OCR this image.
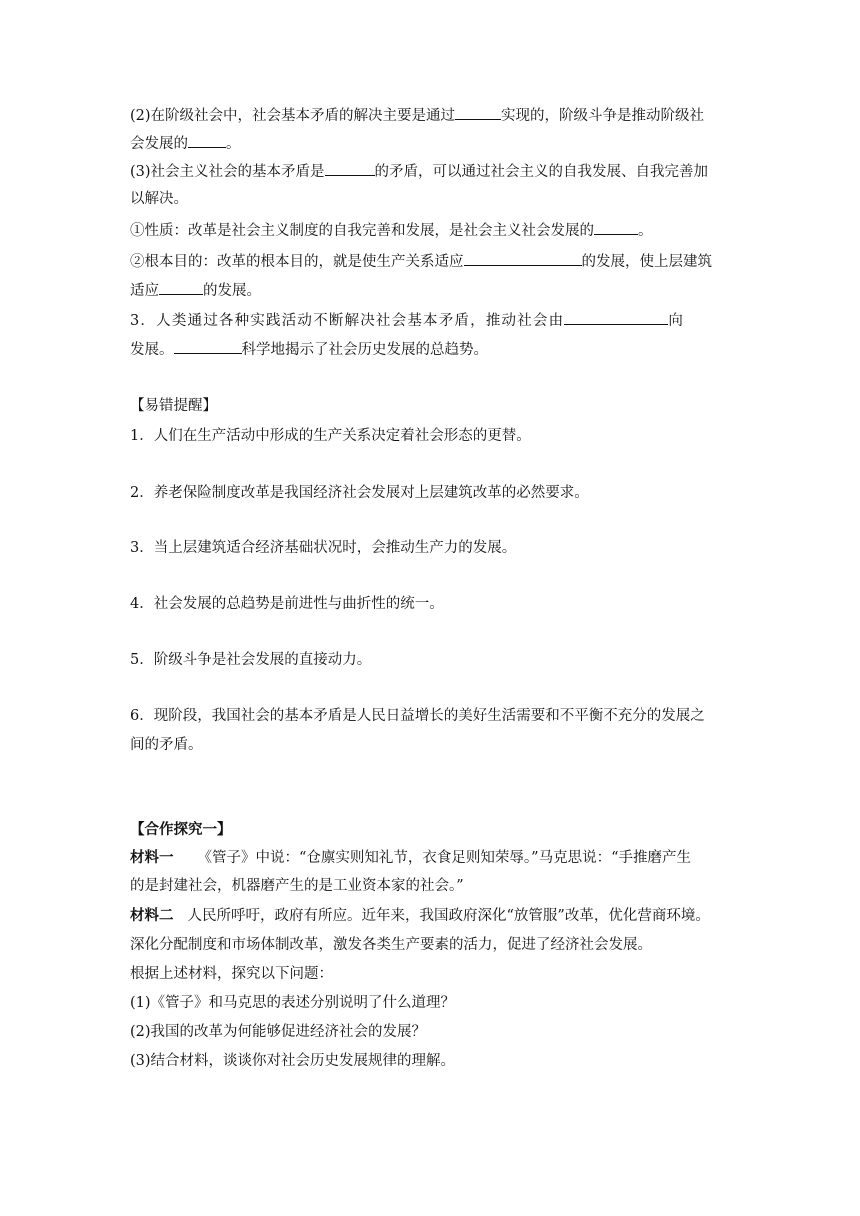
(2)在阶级社会中，社会基本矛盾的解决主要是通过	实现的，阶级斗争是推动阶级社
会发展的	。
(3)社会主义社会的基本矛盾是	的矛盾，可以通过社会主义的自我发展、自我完善加
以解决。
①性质：改革是社会主义制度的自我完善和发展，是社会主义社会发展的	。
②根本目的：改革的根本目的，就是使生产关系适应	的发展，使上层建筑
适应	的发展。
3．人类通过各种实践活动不断解决社会基本矛盾，推动社会由	向
发展。	科学地揭示了社会历史发展的总趋势。
【易错提醒】
1．人们在生产活动中形成的生产关系决定着社会形态的更替。
2．养老保险制度改革是我国经济社会发展对上层建筑改革的必然要求。
3．当上层建筑适合经济基础状况时，会推动生产力的发展。
4．社会发展的总趋势是前进性与曲折性的统一。
5．阶级斗争是社会发展的直接动力。
6．现阶段，我国社会的基本矛盾是人民日益增长的美好生活需要和不平衡不充分的发展之
间的矛盾。
【合作探究一】
材料一 《管子》中说：“仓廪实则知礼节，衣食足则知荣辱。”马克思说：“手推磨产生
的是封建社会，机器磨产生的是工业资本家的社会。”
材料二 人民所呼吁，政府有所应。近年来，我国政府深化“放管服”改革，优化营商环境。
深化分配制度和市场体制改革，激发各类生产要素的活力，促进了经济社会发展。
根据上述材料，探究以下问题：
(1)《管子》和马克思的表述分别说明了什么道理？
(2)我国的改革为何能够促进经济社会的发展？
(3)结合材料，谈谈你对社会历史发展规律的理解。
